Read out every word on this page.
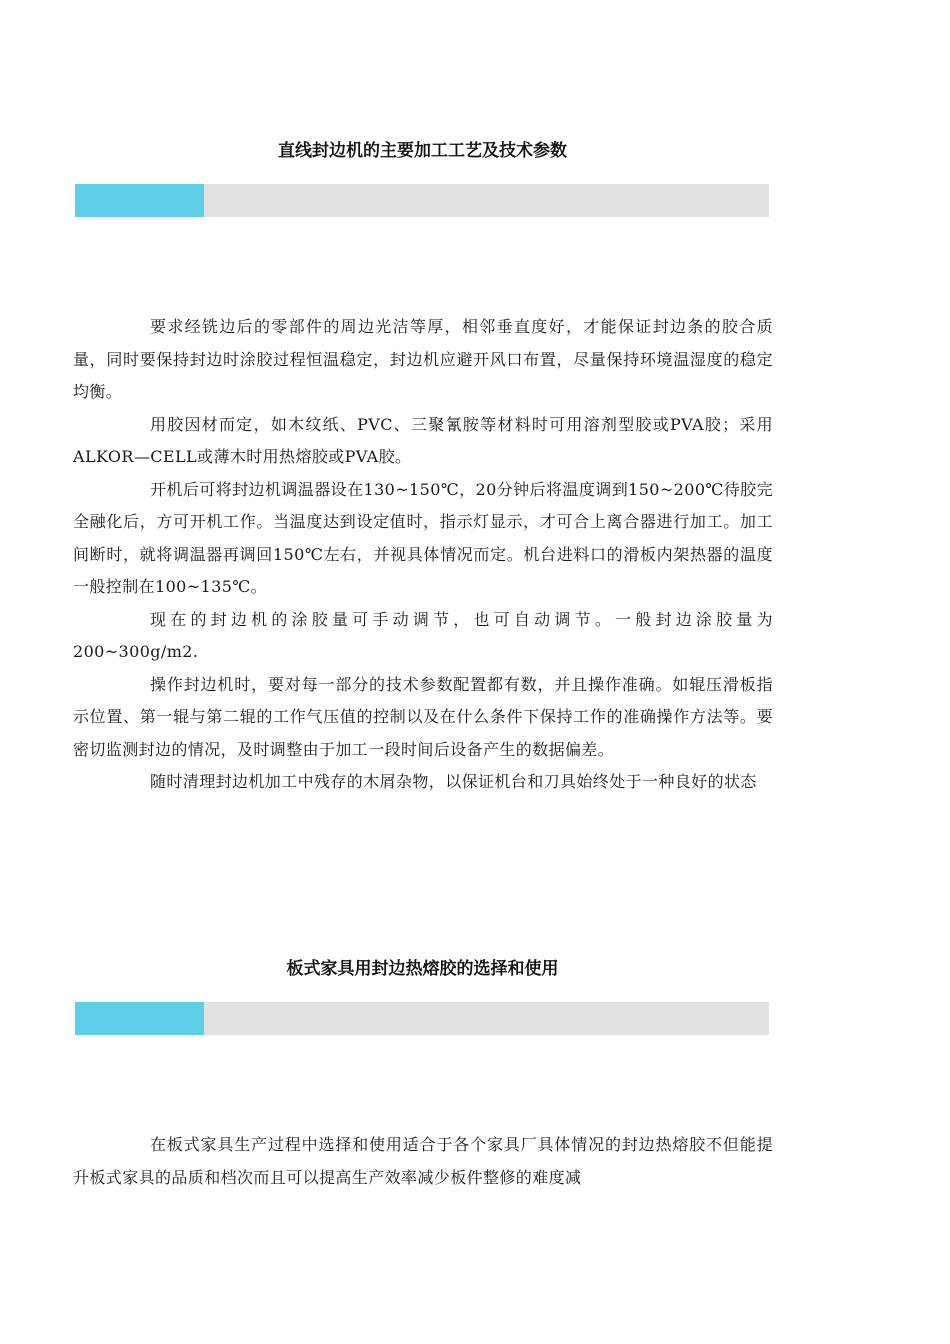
直线封边机的主要加工工艺及技术参数

要求经铣边后的零部件的周边光洁等厚，相邻垂直度好，才能保证封边条的胶合质量，同时要保持封边时涂胶过程恒温稳定，封边机应避开风口布置，尽量保持环境温湿度的稳定均衡。

用胶因材而定，如木纹纸、PVC、三聚氰胺等材料时可用溶剂型胶或PVA胶；采用ALKOR—CELL或薄木时用热熔胶或PVA胶。

开机后可将封边机调温器设在130~150℃，20分钟后将温度调到150~200℃待胶完全融化后，方可开机工作。当温度达到设定值时，指示灯显示，才可合上离合器进行加工。加工间断时，就将调温器再调回150℃左右，并视具体情况而定。机台进料口的滑板内架热器的温度一般控制在100~135℃。

现在的封边机的涂胶量可手动调节，也可自动调节。一般封边涂胶量为200~300g/m2.

操作封边机时，要对每一部分的技术参数配置都有数，并且操作准确。如辊压滑板指示位置、第一辊与第二辊的工作气压值的控制以及在什么条件下保持工作的准确操作方法等。要密切监测封边的情况，及时调整由于加工一段时间后设备产生的数据偏差。

随时清理封边机加工中残存的木屑杂物，以保证机台和刀具始终处于一种良好的状态

板式家具用封边热熔胶的选择和使用

在板式家具生产过程中选择和使用适合于各个家具厂具体情况的封边热熔胶不但能提升板式家具的品质和档次而且可以提高生产效率减少板件整修的难度减
